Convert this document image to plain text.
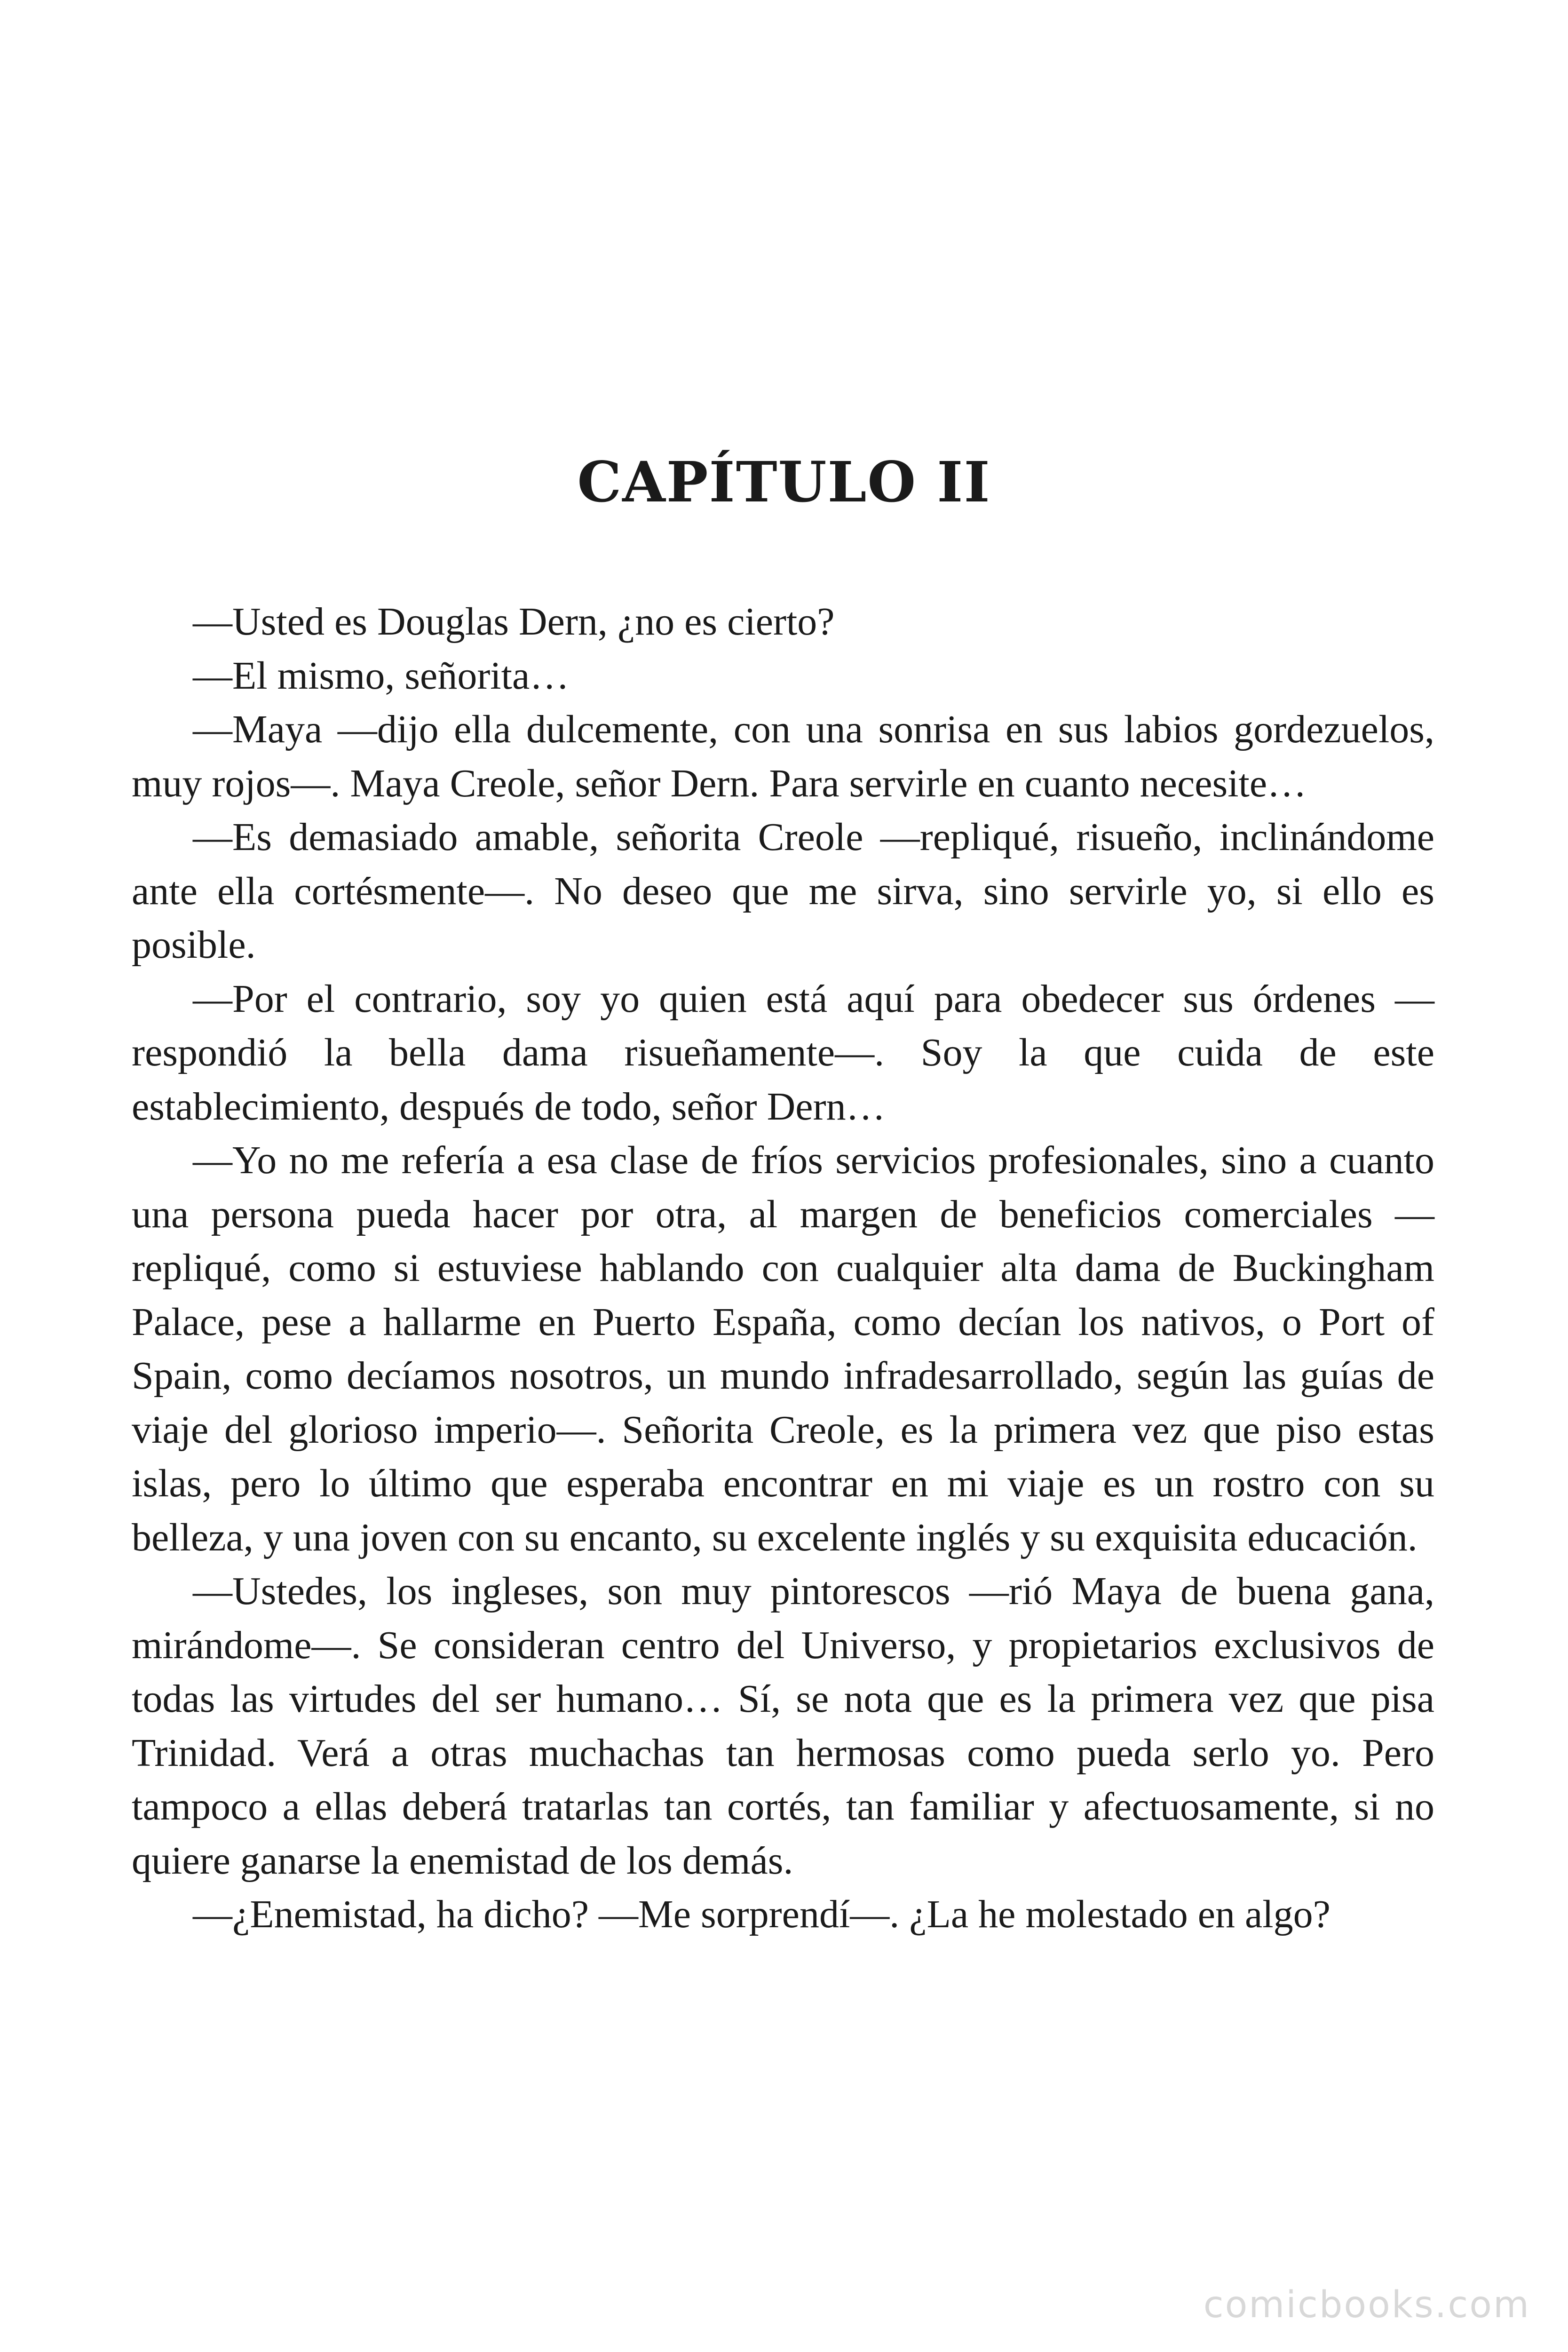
CAPÍTULO II

—Usted es Douglas Dern, ¿no es cierto?

—El mismo, señorita…

—Maya —dijo ella dulcemente, con una sonrisa en sus labios gordezuelos, muy rojos—. Maya Creole, señor Dern. Para servirle en cuanto necesite…

—Es demasiado amable, señorita Creole —repliqué, risueño, inclinándome ante ella cortésmente—. No deseo que me sirva, sino servirle yo, si ello es posible.

—Por el contrario, soy yo quien está aquí para obedecer sus órdenes —respondió la bella dama risueñamente—. Soy la que cuida de este establecimiento, después de todo, señor Dern…

—Yo no me refería a esa clase de fríos servicios profesionales, sino a cuanto una persona pueda hacer por otra, al margen de beneficios comerciales —repliqué, como si estuviese hablando con cualquier alta dama de Buckingham Palace, pese a hallarme en Puerto España, como decían los nativos, o Port of Spain, como decíamos nosotros, un mundo infradesarrollado, según las guías de viaje del glorioso imperio—. Señorita Creole, es la primera vez que piso estas islas, pero lo último que esperaba encontrar en mi viaje es un rostro con su belleza, y una joven con su encanto, su excelente inglés y su exquisita educación.

—Ustedes, los ingleses, son muy pintorescos —rió Maya de buena gana, mirándome—. Se consideran centro del Universo, y propietarios exclusivos de todas las virtudes del ser humano… Sí, se nota que es la primera vez que pisa Trinidad. Verá a otras muchachas tan hermosas como pueda serlo yo. Pero tampoco a ellas deberá tratarlas tan cortés, tan familiar y afectuosamente, si no quiere ganarse la enemistad de los demás.

—¿Enemistad, ha dicho? —Me sorprendí—. ¿La he molestado en algo?

comicbooks.com
